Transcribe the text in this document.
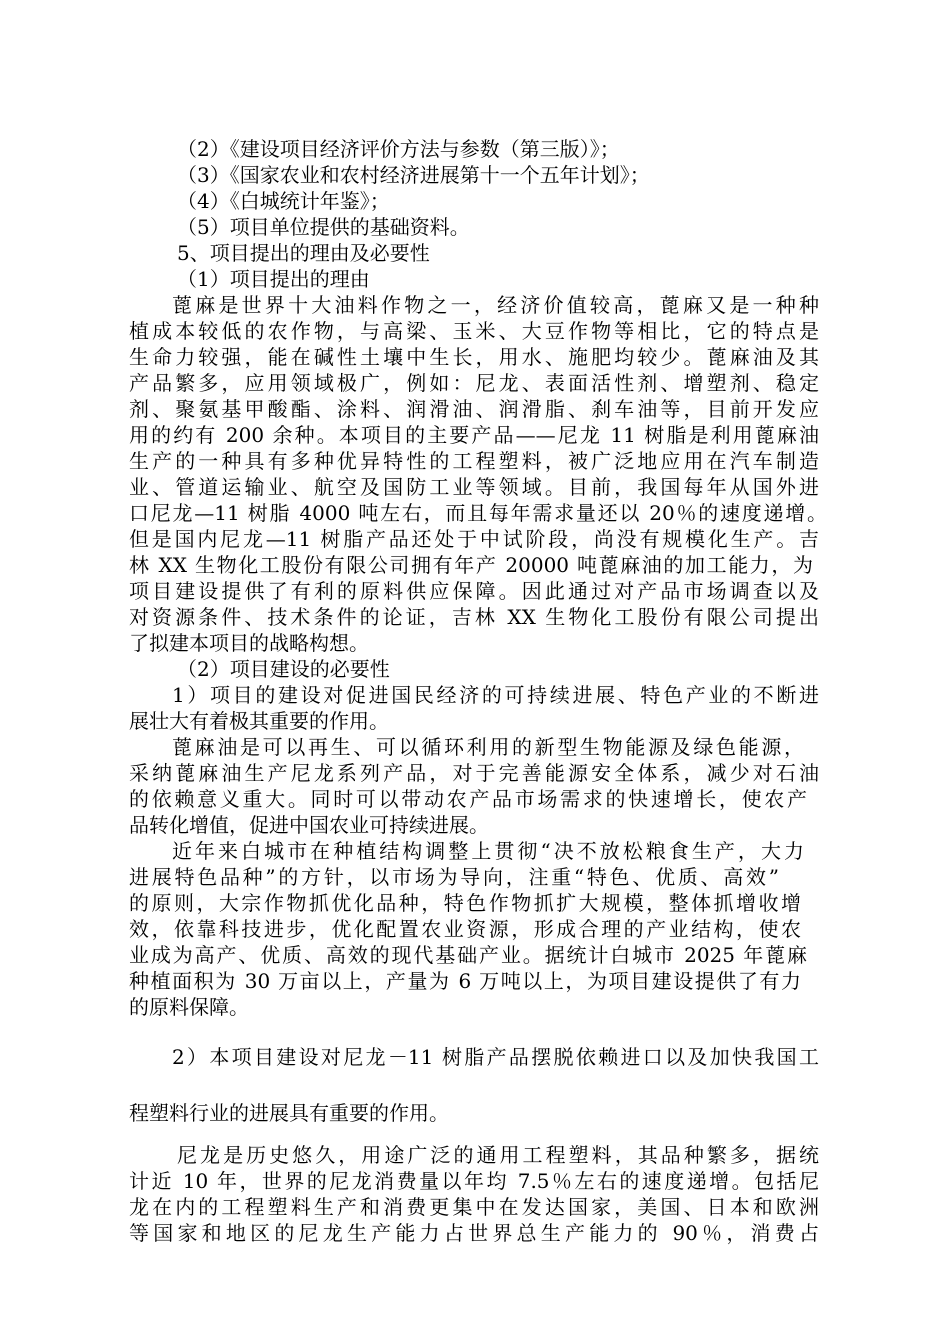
（2）《建设项目经济评价方法与参数（第三版）》；
（3）《国家农业和农村经济进展第十一个五年计划》；
（4）《白城统计年鉴》；
（5）项目单位提供的基础资料。
5、项目提出的理由及必要性
（1）项目提出的理由
蓖麻是世界十大油料作物之一，经济价值较高，蓖麻又是一种种
植成本较低的农作物，与高梁、玉米、大豆作物等相比，它的特点是
生命力较强，能在碱性土壤中生长，用水、施肥均较少。蓖麻油及其
产品繁多，应用领域极广，例如：尼龙、表面活性剂、增塑剂、稳定
剂、聚氨基甲酸酯、涂料、润滑油、润滑脂、刹车油等，目前开发应
用的约有 200 余种。本项目的主要产品——尼龙 11 树脂是利用蓖麻油
生产的一种具有多种优异特性的工程塑料，被广泛地应用在汽车制造
业、管道运输业、航空及国防工业等领域。目前，我国每年从国外进
口尼龙—11 树脂 4000 吨左右，而且每年需求量还以 20％的速度递增。
但是国内尼龙—11 树脂产品还处于中试阶段，尚没有规模化生产。吉
林 XX 生物化工股份有限公司拥有年产 20000 吨蓖麻油的加工能力，为
项目建设提供了有利的原料供应保障。因此通过对产品市场调查以及
对资源条件、技术条件的论证，吉林 XX 生物化工股份有限公司提出
了拟建本项目的战略构想。
（2）项目建设的必要性
1）项目的建设对促进国民经济的可持续进展、特色产业的不断进
展壮大有着极其重要的作用。
蓖麻油是可以再生、可以循环利用的新型生物能源及绿色能源，
采纳蓖麻油生产尼龙系列产品，对于完善能源安全体系，减少对石油
的依赖意义重大。同时可以带动农产品市场需求的快速增长，使农产
品转化增值，促进中国农业可持续进展。
近年来白城市在种植结构调整上贯彻“决不放松粮食生产，大力
进展特色品种”的方针，以市场为导向，注重“特色、优质、高效”
的原则，大宗作物抓优化品种，特色作物抓扩大规模，整体抓增收增
效，依靠科技进步，优化配置农业资源，形成合理的产业结构，使农
业成为高产、优质、高效的现代基础产业。据统计白城市 2025 年蓖麻
种植面积为 30 万亩以上，产量为 6 万吨以上，为项目建设提供了有力
的原料保障。
2）本项目建设对尼龙－11 树脂产品摆脱依赖进口以及加快我国工
程塑料行业的进展具有重要的作用。
尼龙是历史悠久，用途广泛的通用工程塑料，其品种繁多，据统
计近 10 年，世界的尼龙消费量以年均 7.5％左右的速度递增。包括尼
龙在内的工程塑料生产和消费更集中在发达国家，美国、日本和欧洲
等国家和地区的尼龙生产能力占世界总生产能力的 90％，消费占
